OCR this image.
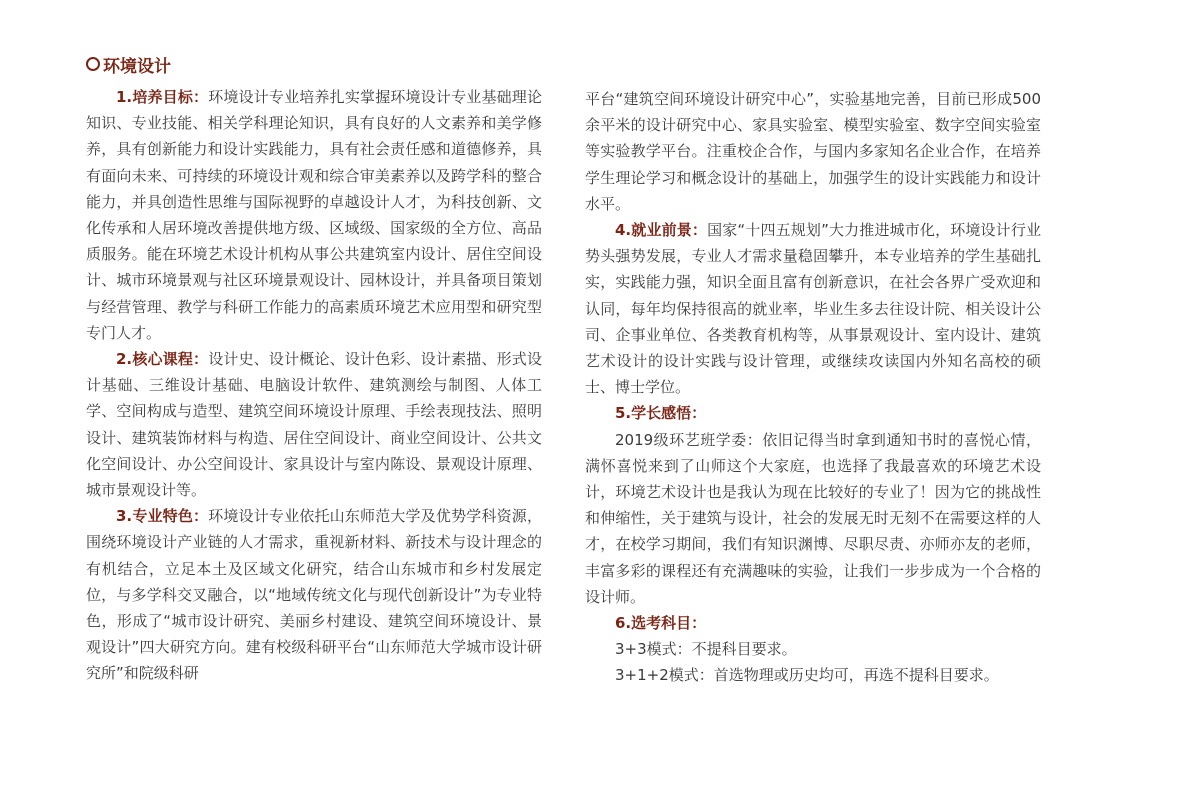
环境设计

1.培养目标：环境设计专业培养扎实掌握环境设计专业基础理论知识、专业技能、相关学科理论知识，具有良好的人文素养和美学修养，具有创新能力和设计实践能力，具有社会责任感和道德修养，具有面向未来、可持续的环境设计观和综合审美素养以及跨学科的整合能力，并具创造性思维与国际视野的卓越设计人才，为科技创新、文化传承和人居环境改善提供地方级、区域级、国家级的全方位、高品质服务。能在环境艺术设计机构从事公共建筑室内设计、居住空间设计、城市环境景观与社区环境景观设计、园林设计，并具备项目策划与经营管理、教学与科研工作能力的高素质环境艺术应用型和研究型专门人才。

2.核心课程：设计史、设计概论、设计色彩、设计素描、形式设计基础、三维设计基础、电脑设计软件、建筑测绘与制图、人体工学、空间构成与造型、建筑空间环境设计原理、手绘表现技法、照明设计、建筑装饰材料与构造、居住空间设计、商业空间设计、公共文化空间设计、办公空间设计、家具设计与室内陈设、景观设计原理、城市景观设计等。

3.专业特色：环境设计专业依托山东师范大学及优势学科资源，围绕环境设计产业链的人才需求，重视新材料、新技术与设计理念的有机结合，立足本土及区域文化研究，结合山东城市和乡村发展定位，与多学科交叉融合，以“地域传统文化与现代创新设计”为专业特色，形成了“城市设计研究、美丽乡村建设、建筑空间环境设计、景观设计”四大研究方向。建有校级科研平台“山东师范大学城市设计研究所”和院级科研

平台“建筑空间环境设计研究中心”，实验基地完善，目前已形成500余平米的设计研究中心、家具实验室、模型实验室、数字空间实验室等实验教学平台。注重校企合作，与国内多家知名企业合作，在培养学生理论学习和概念设计的基础上，加强学生的设计实践能力和设计水平。

4.就业前景：国家“十四五规划”大力推进城市化，环境设计行业势头强势发展，专业人才需求量稳固攀升，本专业培养的学生基础扎实，实践能力强，知识全面且富有创新意识，在社会各界广受欢迎和认同，每年均保持很高的就业率，毕业生多去往设计院、相关设计公司、企事业单位、各类教育机构等，从事景观设计、室内设计、建筑艺术设计的设计实践与设计管理，或继续攻读国内外知名高校的硕士、博士学位。

5.学长感悟：

2019级环艺班学委：依旧记得当时拿到通知书时的喜悦心情，满怀喜悦来到了山师这个大家庭，也选择了我最喜欢的环境艺术设计，环境艺术设计也是我认为现在比较好的专业了！因为它的挑战性和伸缩性，关于建筑与设计，社会的发展无时无刻不在需要这样的人才，在校学习期间，我们有知识渊博、尽职尽责、亦师亦友的老师，丰富多彩的课程还有充满趣味的实验，让我们一步步成为一个合格的设计师。

6.选考科目：

3+3模式：不提科目要求。

3+1+2模式：首选物理或历史均可，再选不提科目要求。
